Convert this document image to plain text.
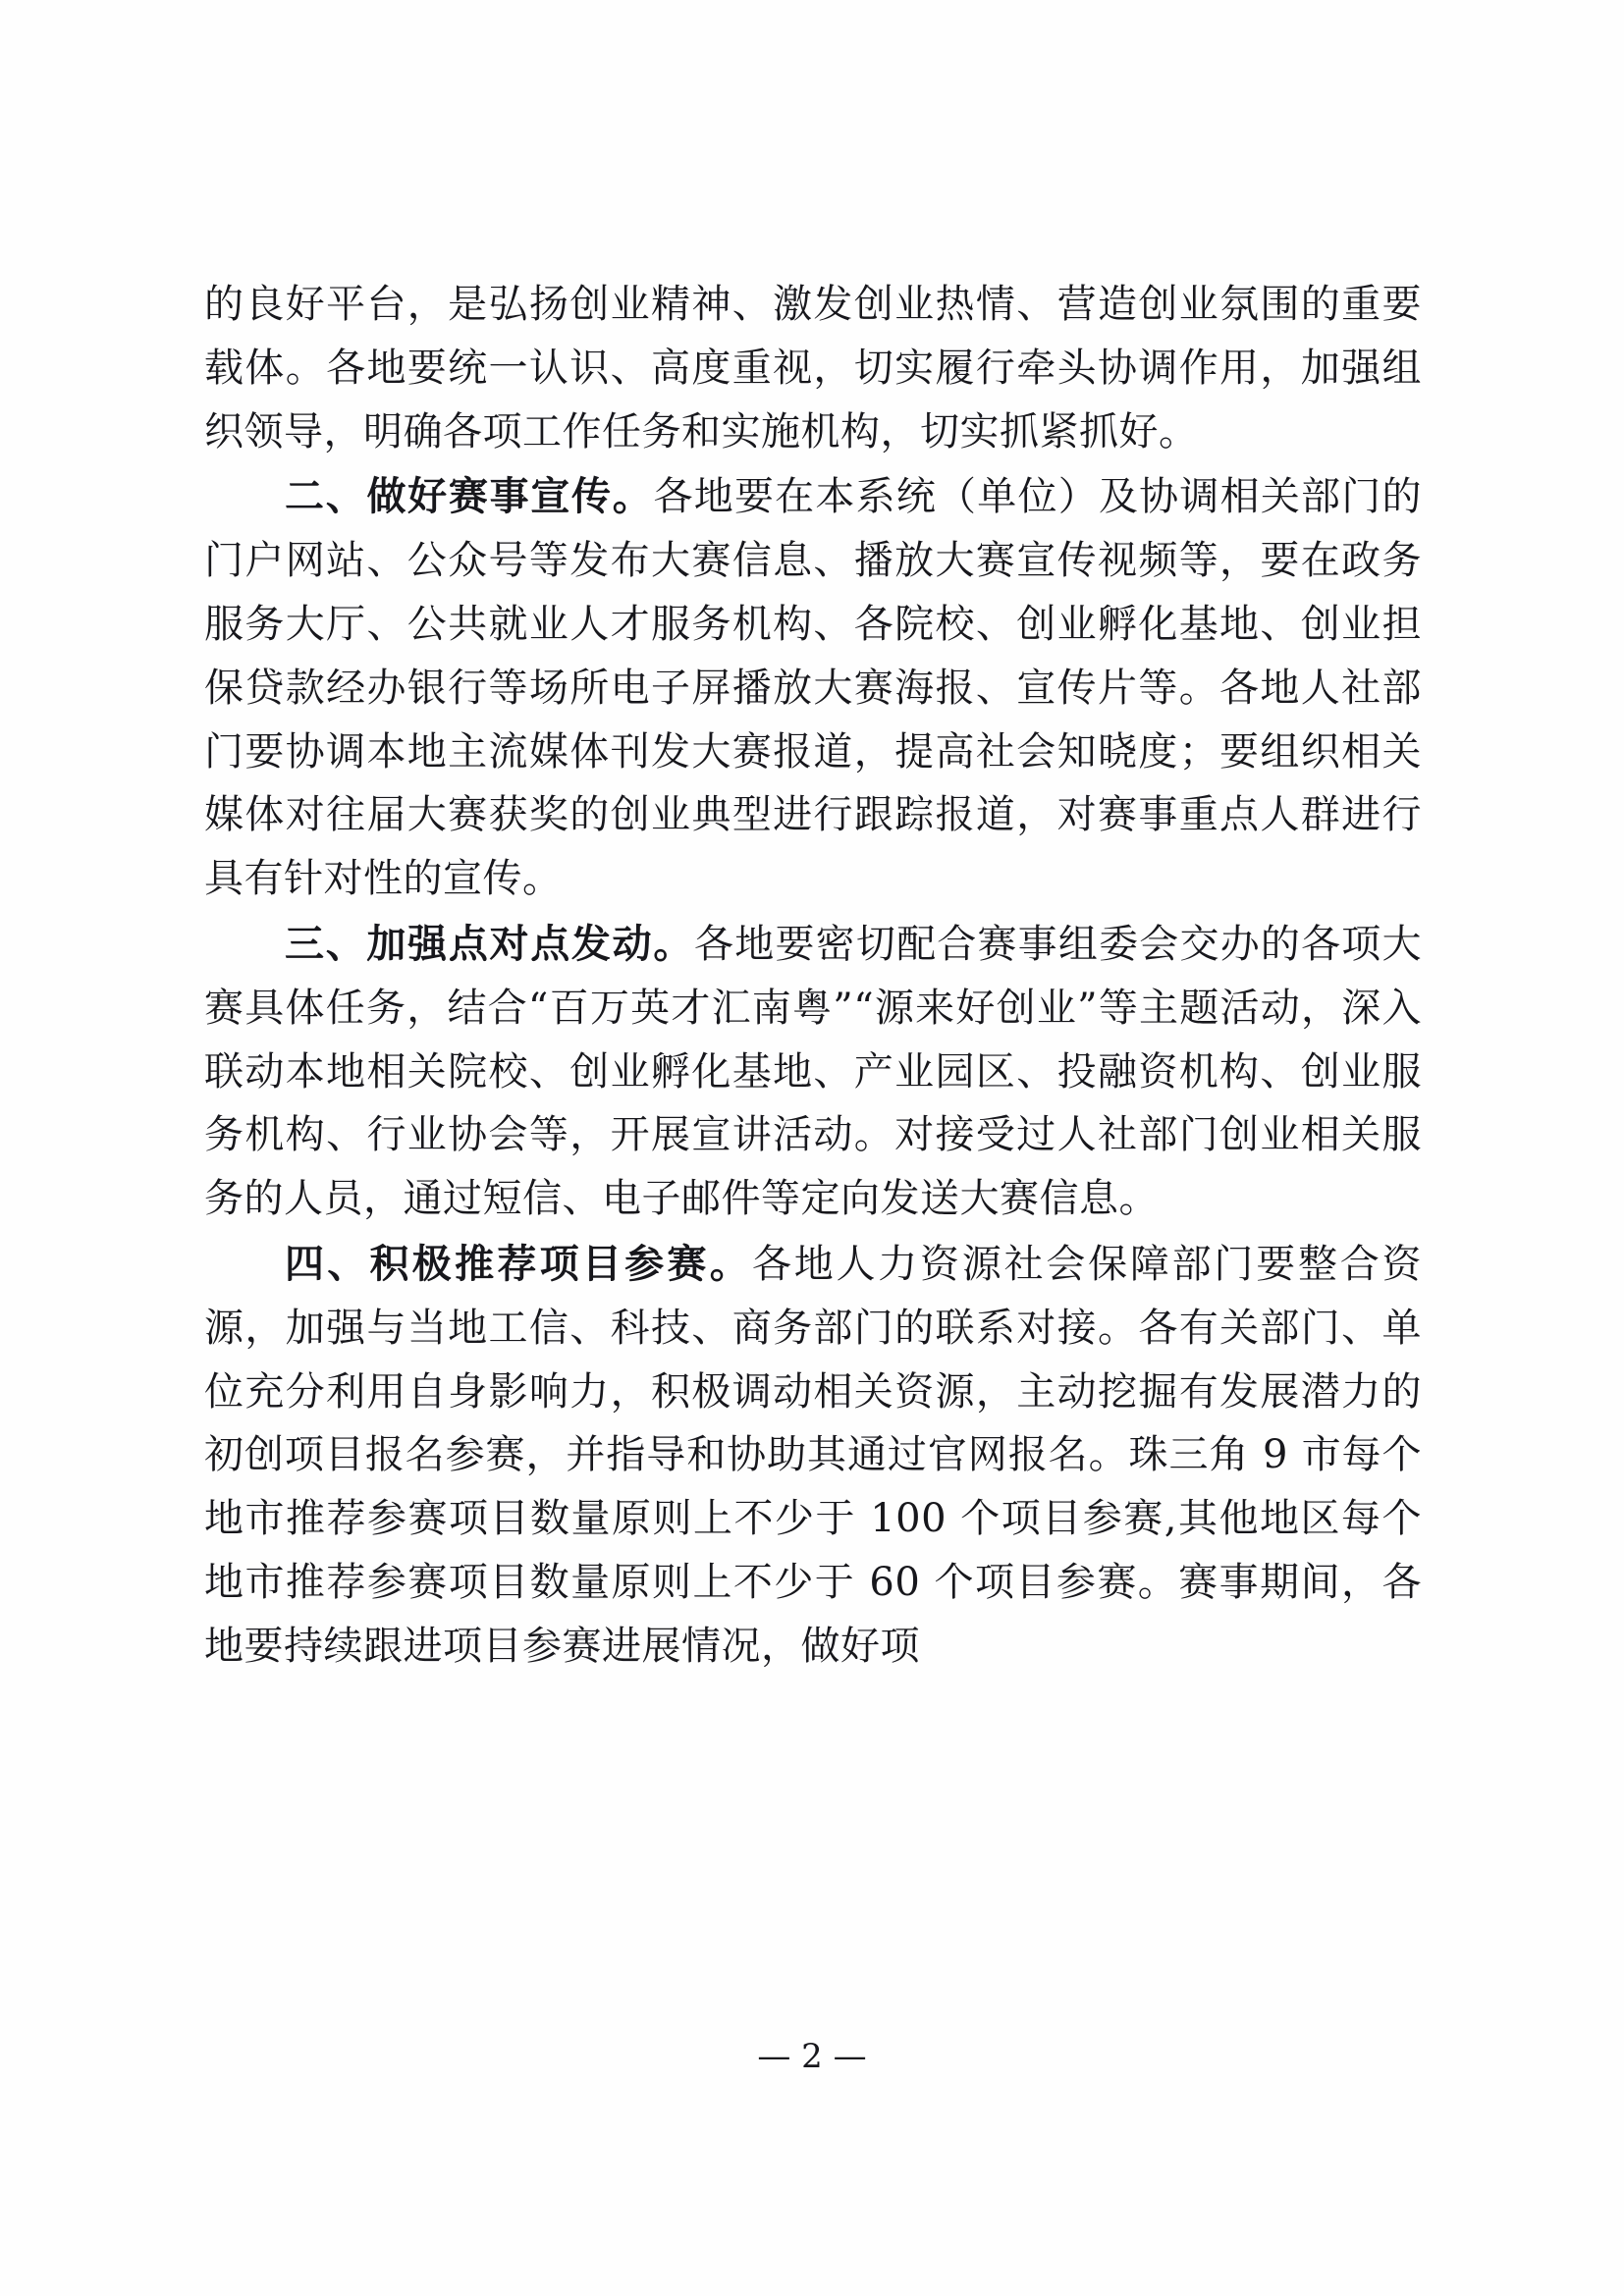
的良好平台，是弘扬创业精神、激发创业热情、营造创业氛围的重要载体。各地要统一认识、高度重视，切实履行牵头协调作用，加强组织领导，明确各项工作任务和实施机构，切实抓紧抓好。

二、做好赛事宣传。各地要在本系统（单位）及协调相关部门的门户网站、公众号等发布大赛信息、播放大赛宣传视频等，要在政务服务大厅、公共就业人才服务机构、各院校、创业孵化基地、创业担保贷款经办银行等场所电子屏播放大赛海报、宣传片等。各地人社部门要协调本地主流媒体刊发大赛报道，提高社会知晓度；要组织相关媒体对往届大赛获奖的创业典型进行跟踪报道，对赛事重点人群进行具有针对性的宣传。

三、加强点对点发动。各地要密切配合赛事组委会交办的各项大赛具体任务，结合“百万英才汇南粤”“源来好创业”等主题活动，深入联动本地相关院校、创业孵化基地、产业园区、投融资机构、创业服务机构、行业协会等，开展宣讲活动。对接受过人社部门创业相关服务的人员，通过短信、电子邮件等定向发送大赛信息。

四、积极推荐项目参赛。各地人力资源社会保障部门要整合资源，加强与当地工信、科技、商务部门的联系对接。各有关部门、单位充分利用自身影响力，积极调动相关资源，主动挖掘有发展潜力的初创项目报名参赛，并指导和协助其通过官网报名。珠三角 9 市每个地市推荐参赛项目数量原则上不少于 100 个项目参赛,其他地区每个地市推荐参赛项目数量原则上不少于 60 个项目参赛。赛事期间，各地要持续跟进项目参赛进展情况，做好项

— 2 —
